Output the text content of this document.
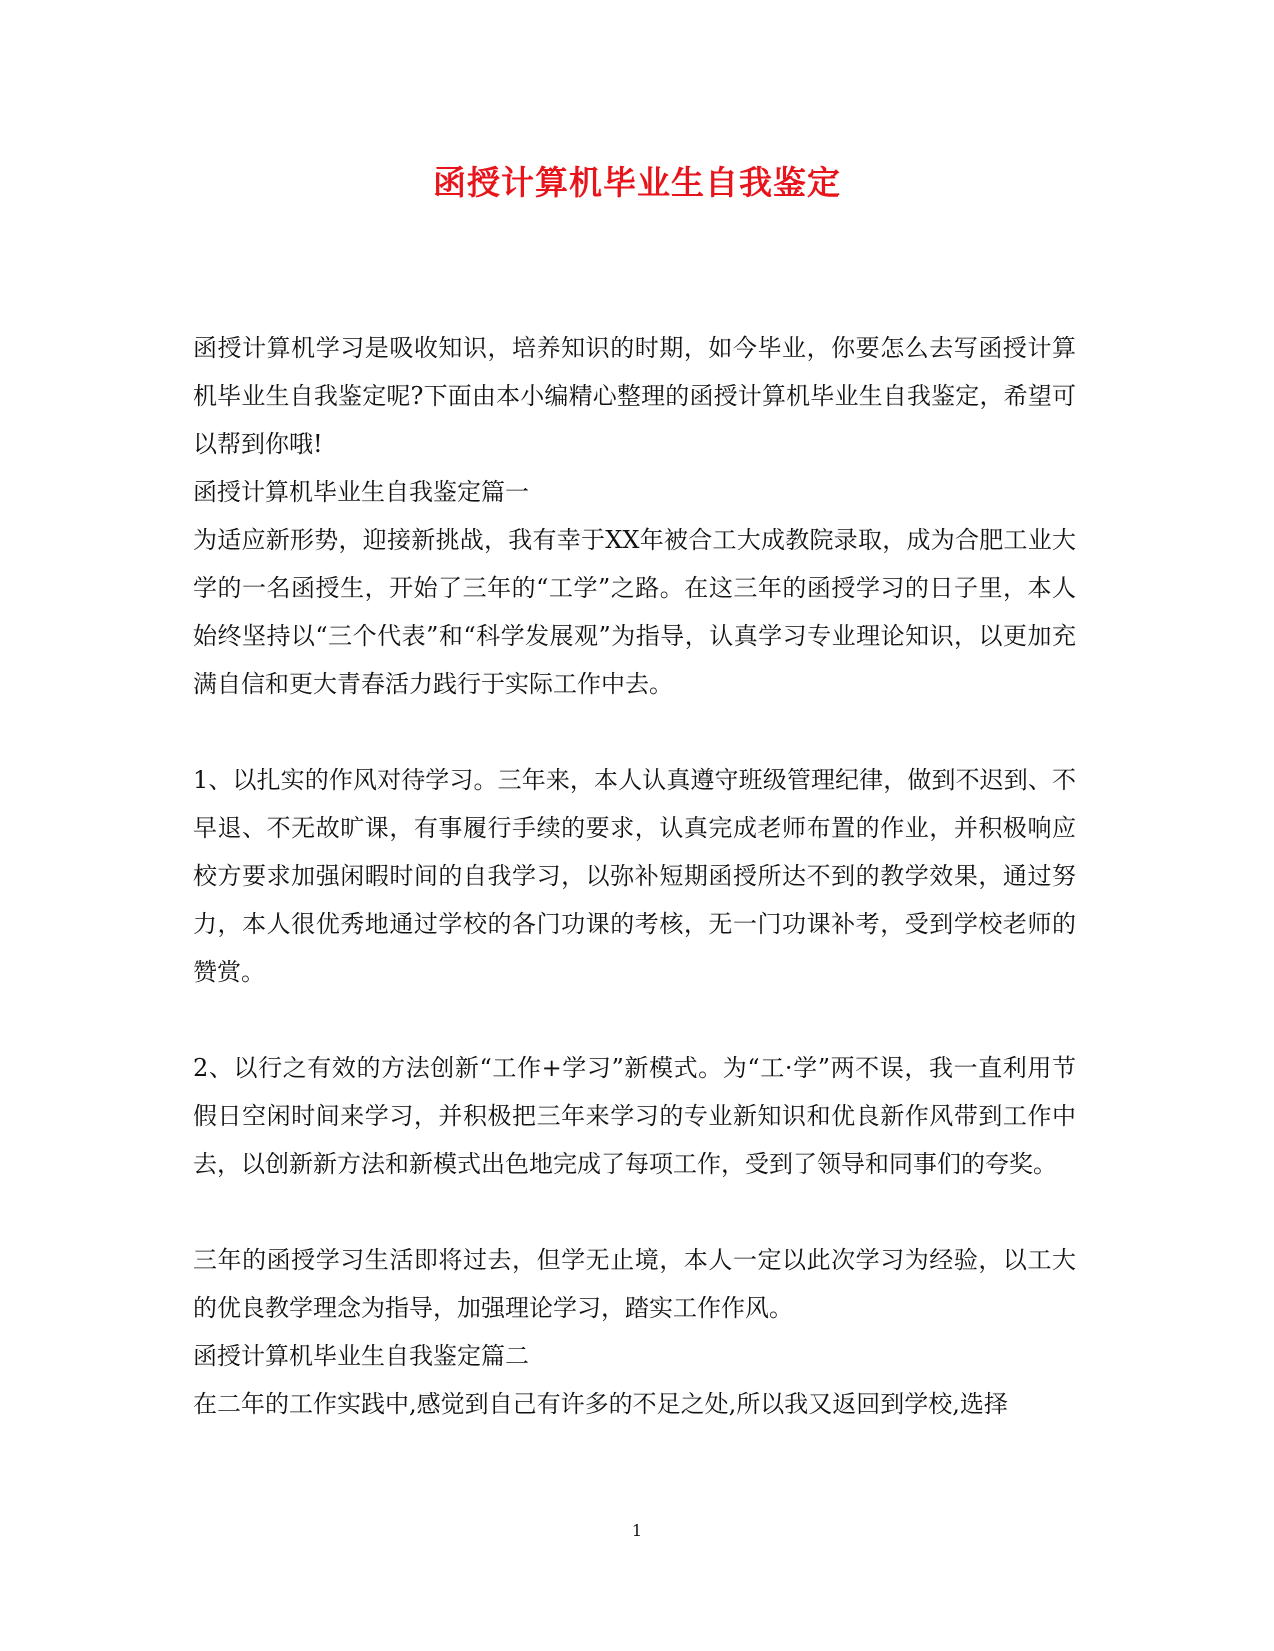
函授计算机毕业生自我鉴定

函授计算机学习是吸收知识，培养知识的时期，如今毕业，你要怎么去写函授计算机毕业生自我鉴定呢?下面由本小编精心整理的函授计算机毕业生自我鉴定，希望可以帮到你哦!

函授计算机毕业生自我鉴定篇一

为适应新形势，迎接新挑战，我有幸于XX年被合工大成教院录取，成为合肥工业大学的一名函授生，开始了三年的“工学”之路。在这三年的函授学习的日子里，本人始终坚持以“三个代表”和“科学发展观”为指导，认真学习专业理论知识，以更加充满自信和更大青春活力践行于实际工作中去。

1、以扎实的作风对待学习。三年来，本人认真遵守班级管理纪律，做到不迟到、不早退、不无故旷课，有事履行手续的要求，认真完成老师布置的作业，并积极响应校方要求加强闲暇时间的自我学习，以弥补短期函授所达不到的教学效果，通过努力，本人很优秀地通过学校的各门功课的考核，无一门功课补考，受到学校老师的赞赏。

2、以行之有效的方法创新“工作+学习”新模式。为“工·学”两不误，我一直利用节假日空闲时间来学习，并积极把三年来学习的专业新知识和优良新作风带到工作中去，以创新新方法和新模式出色地完成了每项工作，受到了领导和同事们的夸奖。

三年的函授学习生活即将过去，但学无止境，本人一定以此次学习为经验，以工大的优良教学理念为指导，加强理论学习，踏实工作作风。

函授计算机毕业生自我鉴定篇二

在二年的工作实践中,感觉到自己有许多的不足之处,所以我又返回到学校,选择

1
